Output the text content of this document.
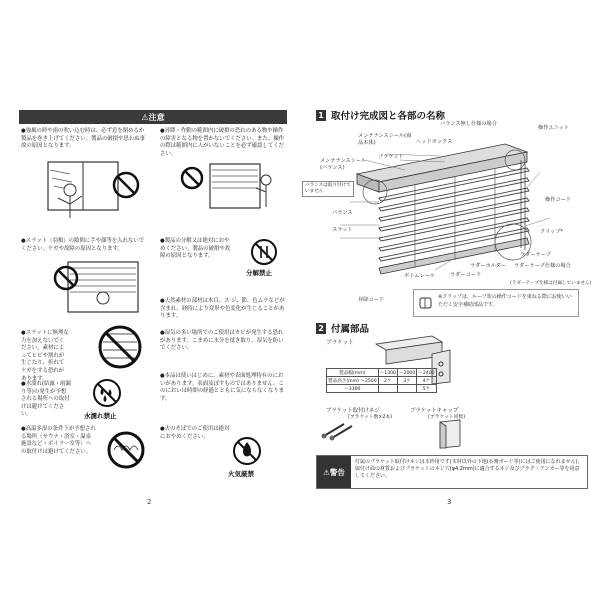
⚠注意
●強風の時や雨の吹い込む時は、必ず窓を閉めるか製品を巻き上げてください。製品の破損や思わぬ事故の原因となります。
●昇降・作動の範囲内に破損の恐れのある物や操作の障害となる物を置かないでください。また、操作の際は範囲内に人がいないことを必ず確認してください。
●スラット（羽根）の隙間に手や顔等を入れないでください。ケガや故障の原因となります。
●製品の分解又は絶対におやめください。製品の破損や故障の原因となります。
分解禁止
●天然素材の部材は木目、ス ジ、節、色ムラなどが含まれ、経時により変形や色変化が生じることがあります。
●スラットに無理な力を加えないでください。素材によってヒビや割れが生じたり、折れてケガをする恐れがあります。
●湿気の多い場所でのご使用はカビが発生する恐れがあります。こまめに水分を拭き取り、湿気を防いでください。
●水濡れ(結露・雨漏り等)の発生が予想される場所への取付けは避けてください。	水濡れ禁止
●本品は使いはじめに、素材や表面処理特有のにおいがあります。表面及ぼすものではありません。このにおいは時間の経過とともに気にならなくなります。
●高温多湿の条件下が予想される場所（サウナ・浴室・温泉施設など・ボイラー室等）への取付けは避けてください。
●火のそばでのご使用は絶対におやめください。
火気厳禁
2
1 取付け完成図と各部の名称
バランス無し仕様の場合
操作ユニット
メンテナンスシール(商品本体)	ヘッドボックス
ブラケット
メンテナンスシール(バランス)
バランスは取り付けていません
操作コード
バランス
スラット	クリップ*
ラダーテープ
ラダーホルダー ラダーテープ仕様の場合
ラダーコード
ボトムレール
(ラダーテープ仕様は付属していません)
昇降コード	※クリップは、ループ状の操作コードを束ねる際にお使いいただく安全補助部品です。
2 付属部品
ブラケット
製品幅(mm)	〜1300	〜2000	〜2400
製品高さ(mm) 〜2500	2ケ	3ケ	4ケ
〜3300			5ケ
ブラケット取付けネジ
(ブラケット数×2本)
ブラケットキャップ
(ブラケット同数)
⚠警告
付属のブラケット取付けネジは木枠用です(木材以外の下地(石膏ボード等)にはご使用になれません)。取付け面の材質およびブラケットのネジ穴(φ4.2mm)に適合するネジ及びプラグ・アンカー等を用意してください。
3
